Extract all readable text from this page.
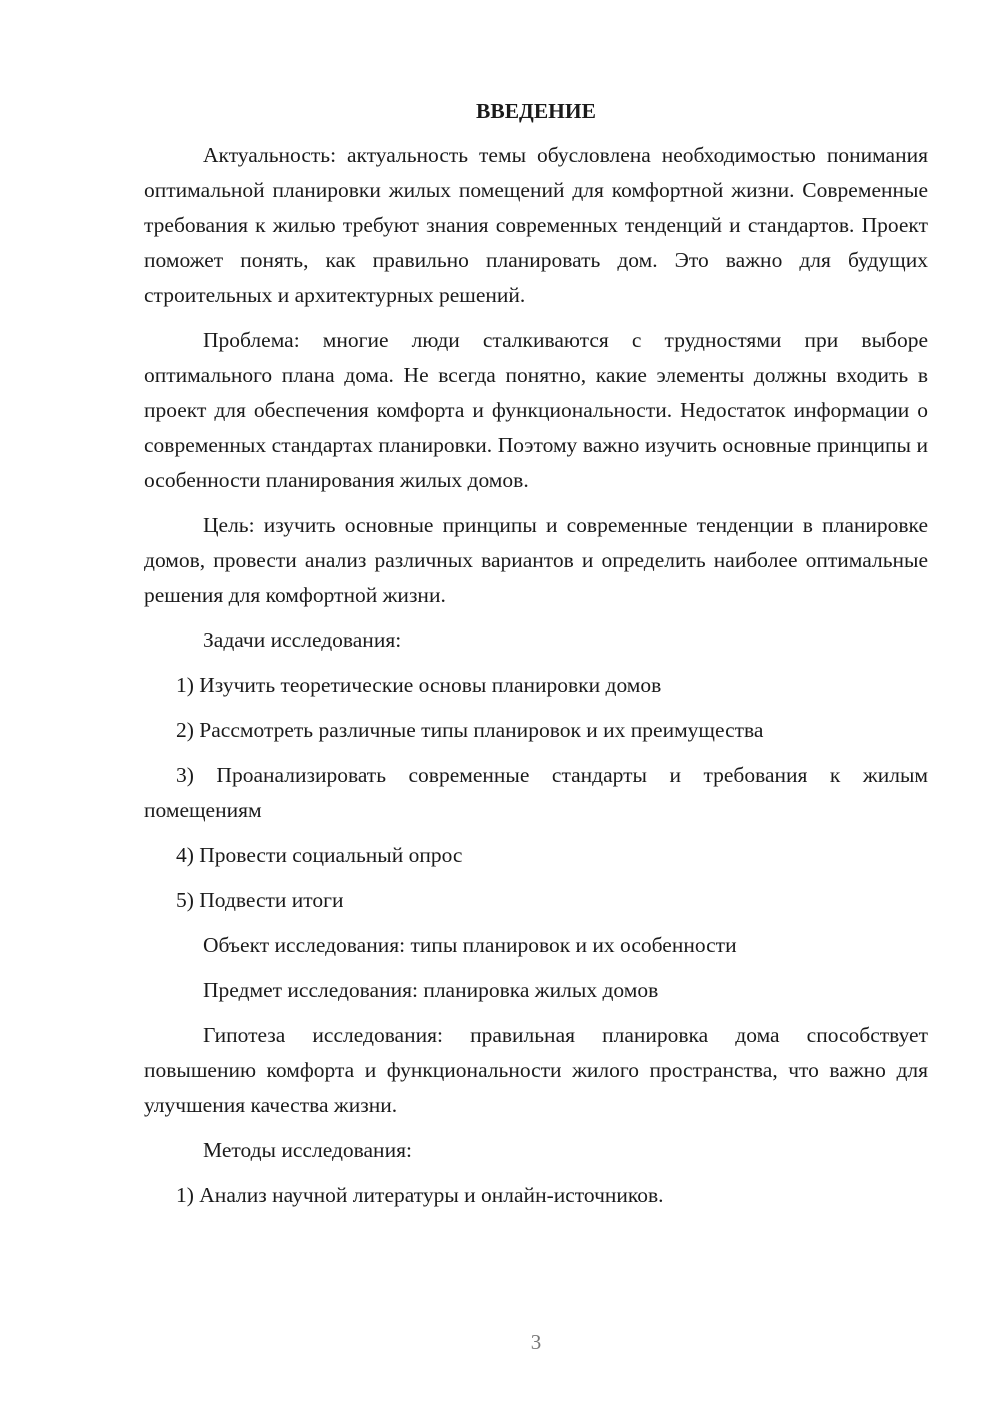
ВВЕДЕНИЕ

Актуальность: актуальность темы обусловлена необходимостью понимания оптимальной планировки жилых помещений для комфортной жизни. Современные требования к жилью требуют знания современных тенденций и стандартов. Проект поможет понять, как правильно планировать дом. Это важно для будущих строительных и архитектурных решений.

Проблема: многие люди сталкиваются с трудностями при выборе оптимального плана дома. Не всегда понятно, какие элементы должны входить в проект для обеспечения комфорта и функциональности. Недостаток информации о современных стандартах планировки. Поэтому важно изучить основные принципы и особенности планирования жилых домов.

Цель: изучить основные принципы и современные тенденции в планировке домов, провести анализ различных вариантов и определить наиболее оптимальные решения для комфортной жизни.

Задачи исследования:

1) Изучить теоретические основы планировки домов

2) Рассмотреть различные типы планировок и их преимущества

3) Проанализировать современные стандарты и требования к жилым помещениям

4) Провести социальный опрос

5) Подвести итоги

Объект исследования: типы планировок и их особенности

Предмет исследования: планировка жилых домов

Гипотеза исследования: правильная планировка дома способствует повышению комфорта и функциональности жилого пространства, что важно для улучшения качества жизни.

Методы исследования:

1) Анализ научной литературы и онлайн-источников.

3
